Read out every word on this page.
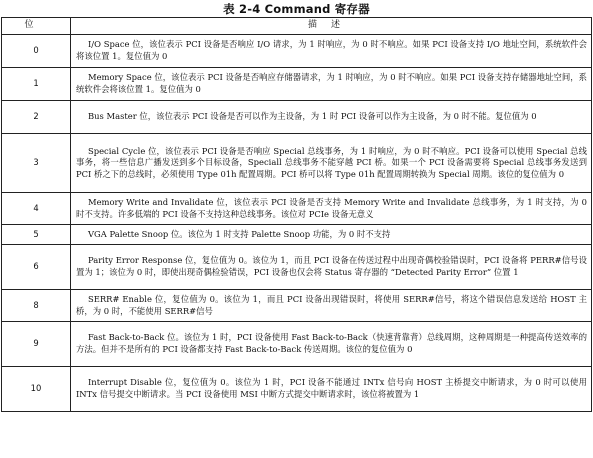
表 2-4 Command 寄存器
位	描述
0	I/O Space 位，该位表示 PCI 设备是否响应 I/O 请求，为 1 时响应，为 0 时不响应。如果 PCI 设备支持 I/O 地址空间，系统软件会将该位置 1。复位值为 0
1	Memory Space 位，该位表示 PCI 设备是否响应存储器请求，为 1 时响应，为 0 时不响应。如果 PCI 设备支持存储器地址空间，系统软件会将该位置 1。复位值为 0
2	Bus Master 位，该位表示 PCI 设备是否可以作为主设备，为 1 时 PCI 设备可以作为主设备，为 0 时不能。复位值为 0
3	Special Cycle 位，该位表示 PCI 设备是否响应 Special 总线事务，为 1 时响应，为 0 时不响应。PCI 设备可以使用 Special 总线事务，将一些信息广播发送到多个目标设备，Speciall 总线事务不能穿越 PCI 桥。如果一个 PCI 设备需要将 Special 总线事务发送到 PCI 桥之下的总线时，必须使用 Type 01h 配置周期。PCI 桥可以将 Type 01h 配置周期转换为 Special 周期。该位的复位值为 0
4	Memory Write and Invalidate 位，该位表示 PCI 设备是否支持 Memory Write and Invalidate 总线事务，为 1 时支持，为 0 时不支持。许多低端的 PCI 设备不支持这种总线事务。该位对 PCIe 设备无意义
5	VGA Palette Snoop 位。该位为 1 时支持 Palette Snoop 功能，为 0 时不支持
6	Parity Error Response 位，复位值为 0。该位为 1，而且 PCI 设备在传送过程中出现奇偶校验错误时，PCI 设备将 PERR#信号设置为 1；该位为 0 时，即使出现奇偶检验错误，PCI 设备也仅会将 Status 寄存器的 “Detected Parity Error” 位置 1
8	SERR# Enable 位，复位值为 0。该位为 1，而且 PCI 设备出现错误时，将使用 SERR#信号，将这个错误信息发送给 HOST 主桥，为 0 时，不能使用 SERR#信号
9	Fast Back-to-Back 位。该位为 1 时，PCI 设备使用 Fast Back-to-Back（快速背靠背）总线周期，这种周期是一种提高传送效率的方法。但并不是所有的 PCI 设备都支持 Fast Back-to-Back 传送周期。该位的复位值为 0
10	Interrupt Disable 位，复位值为 0。该位为 1 时，PCI 设备不能通过 INTx 信号向 HOST 主桥提交中断请求，为 0 时可以使用 INTx 信号提交中断请求。当 PCI 设备使用 MSI 中断方式提交中断请求时，该位将被置为 1
